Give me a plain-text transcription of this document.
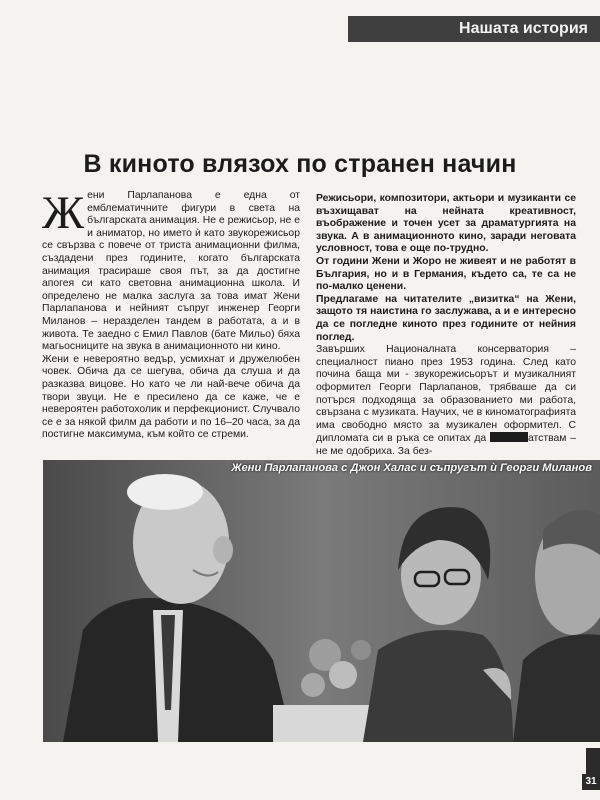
Нашата история
В киното влязох по странен начин

Жени Парлапанова е една от емблематичните фигури в света на българската анимация. Не е режисьор, не е и аниматор, но името ѝ като звукорежисьор се свързва с повече от триста анимационни филма, създадени през годините, когато българската анимация трасираше своя път, за да достигне апогея си като световна анимационна школа. И определено не малка заслуга за това имат Жени Парлапанова и нейният съпруг инженер Георги Миланов – неразделен тандем в работата, а и в живота. Те заедно с Емил Павлов (бате Мильо) бяха магьосниците на звука в анимационното ни кино.

Жени е невероятно ведър, усмихнат и дружелюбен човек. Обича да се шегува, обича да слуша и да разказва вицове. Но като че ли най-вече обича да твори звуци. Не е пресилено да се каже, че е невероятен работохолик и перфекционист. Случвало се е за някой филм да работи и по 16–20 часа, за да постигне максимума, към който се стреми.

Режисьори, композитори, актьори и музиканти се възхищават на нейната креативност, въображение и точен усет за драматургията на звука. А в анимационното кино, заради неговата условност, това е още по-трудно.

От години Жени и Жоро не живеят и не работят в България, но и в Германия, където са, те са не по-малко ценени.

Предлагаме на читателите „визитка“ на Жени, защото тя наистина го заслужава, а и е интересно да се погледне киното през годините от нейния поглед.

Завърших Националната консерватория – специалност пиано през 1953 година. След като почина баща ми - звукорежисьорът и музикалният оформител Георги Парлапанов, трябваше да си потърся подходяща за образованието ми работа, свързана с музиката. Научих, че в киноматографията има свободно място за музикален оформител. С дипломата си в ръка се опитах да	атствам – не ме одобриха. За без-

Жени Парлапанова с Джон Халас и съпругът ѝ Георги Миланов
31
